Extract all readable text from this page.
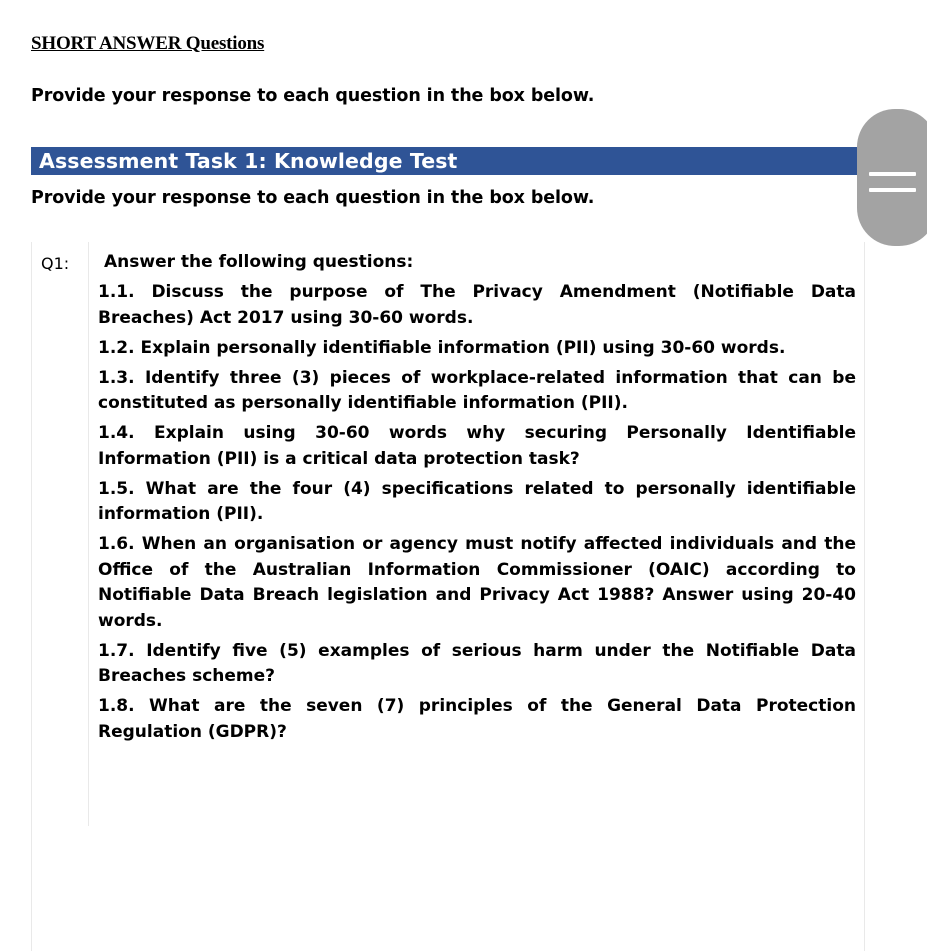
SHORT ANSWER Questions
Provide your response to each question in the box below.
Assessment Task 1: Knowledge Test
Provide your response to each question in the box below.
Q1: Answer the following questions:
1.1. Discuss the purpose of The Privacy Amendment (Notifiable Data Breaches) Act 2017 using 30-60 words.
1.2. Explain personally identifiable information (PII) using 30-60 words.
1.3. Identify three (3) pieces of workplace-related information that can be constituted as personally identifiable information (PII).
1.4. Explain using 30-60 words why securing Personally Identifiable Information (PII) is a critical data protection task?
1.5. What are the four (4) specifications related to personally identifiable information (PII).
1.6. When an organisation or agency must notify affected individuals and the Office of the Australian Information Commissioner (OAIC) according to Notifiable Data Breach legislation and Privacy Act 1988? Answer using 20-40 words.
1.7. Identify five (5) examples of serious harm under the Notifiable Data Breaches scheme?
1.8. What are the seven (7) principles of the General Data Protection Regulation (GDPR)?
